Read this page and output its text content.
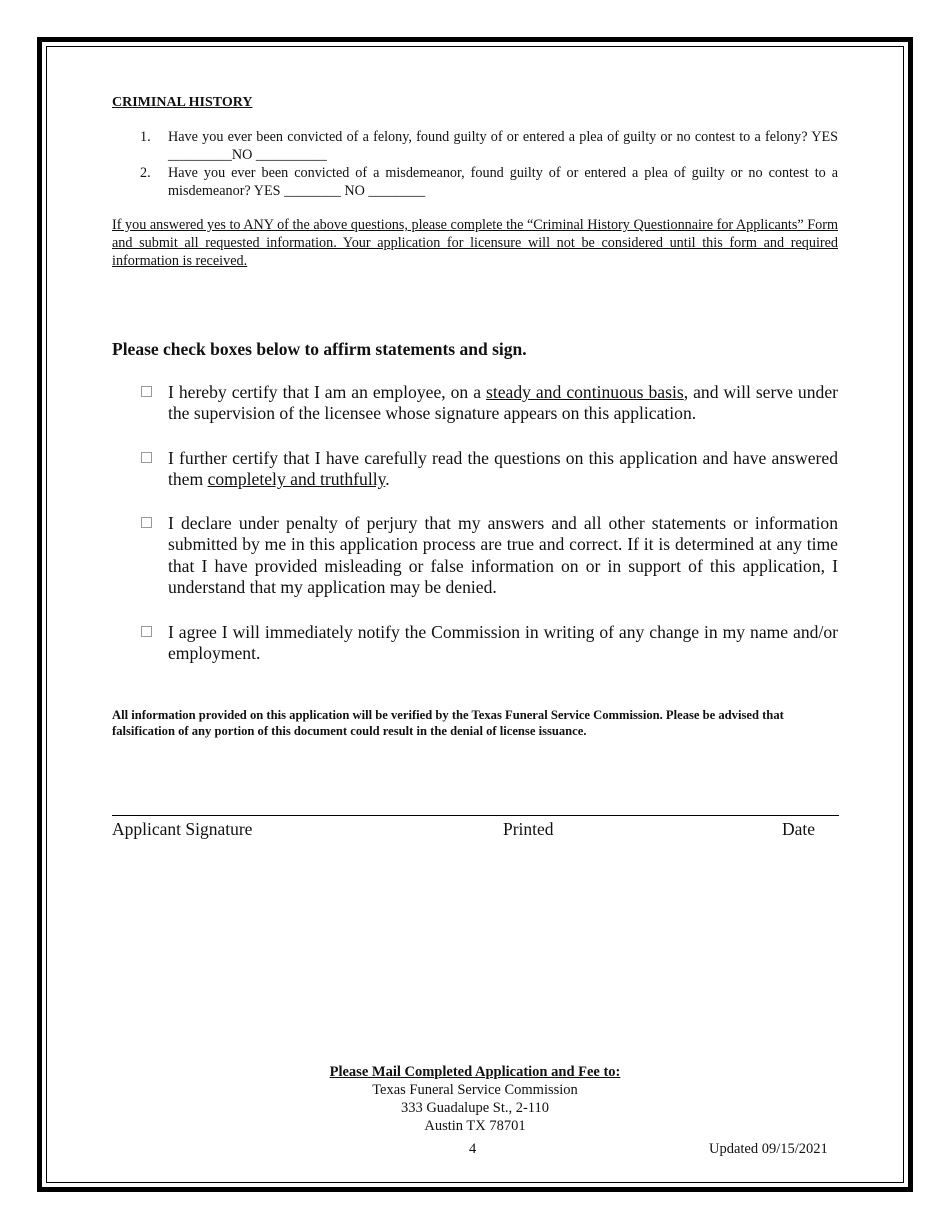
CRIMINAL HISTORY
1. Have you ever been convicted of a felony, found guilty of or entered a plea of guilty or no contest to a felony? YES _________NO __________
2. Have you ever been convicted of a misdemeanor, found guilty of or entered a plea of guilty or no contest to a misdemeanor? YES ________ NO ________
If you answered yes to ANY of the above questions, please complete the “Criminal History Questionnaire for Applicants” Form and submit all requested information. Your application for licensure will not be considered until this form and required information is received.
Please check boxes below to affirm statements and sign.
I hereby certify that I am an employee, on a steady and continuous basis, and will serve under the supervision of the licensee whose signature appears on this application.
I further certify that I have carefully read the questions on this application and have answered them completely and truthfully.
I declare under penalty of perjury that my answers and all other statements or information submitted by me in this application process are true and correct. If it is determined at any time that I have provided misleading or false information on or in support of this application, I understand that my application may be denied.
I agree I will immediately notify the Commission in writing of any change in my name and/or employment.
All information provided on this application will be verified by the Texas Funeral Service Commission. Please be advised that falsification of any portion of this document could result in the denial of license issuance.
Applicant Signature	Printed	Date
Please Mail Completed Application and Fee to:
Texas Funeral Service Commission
333 Guadalupe St., 2-110
Austin TX 78701
4	Updated 09/15/2021
